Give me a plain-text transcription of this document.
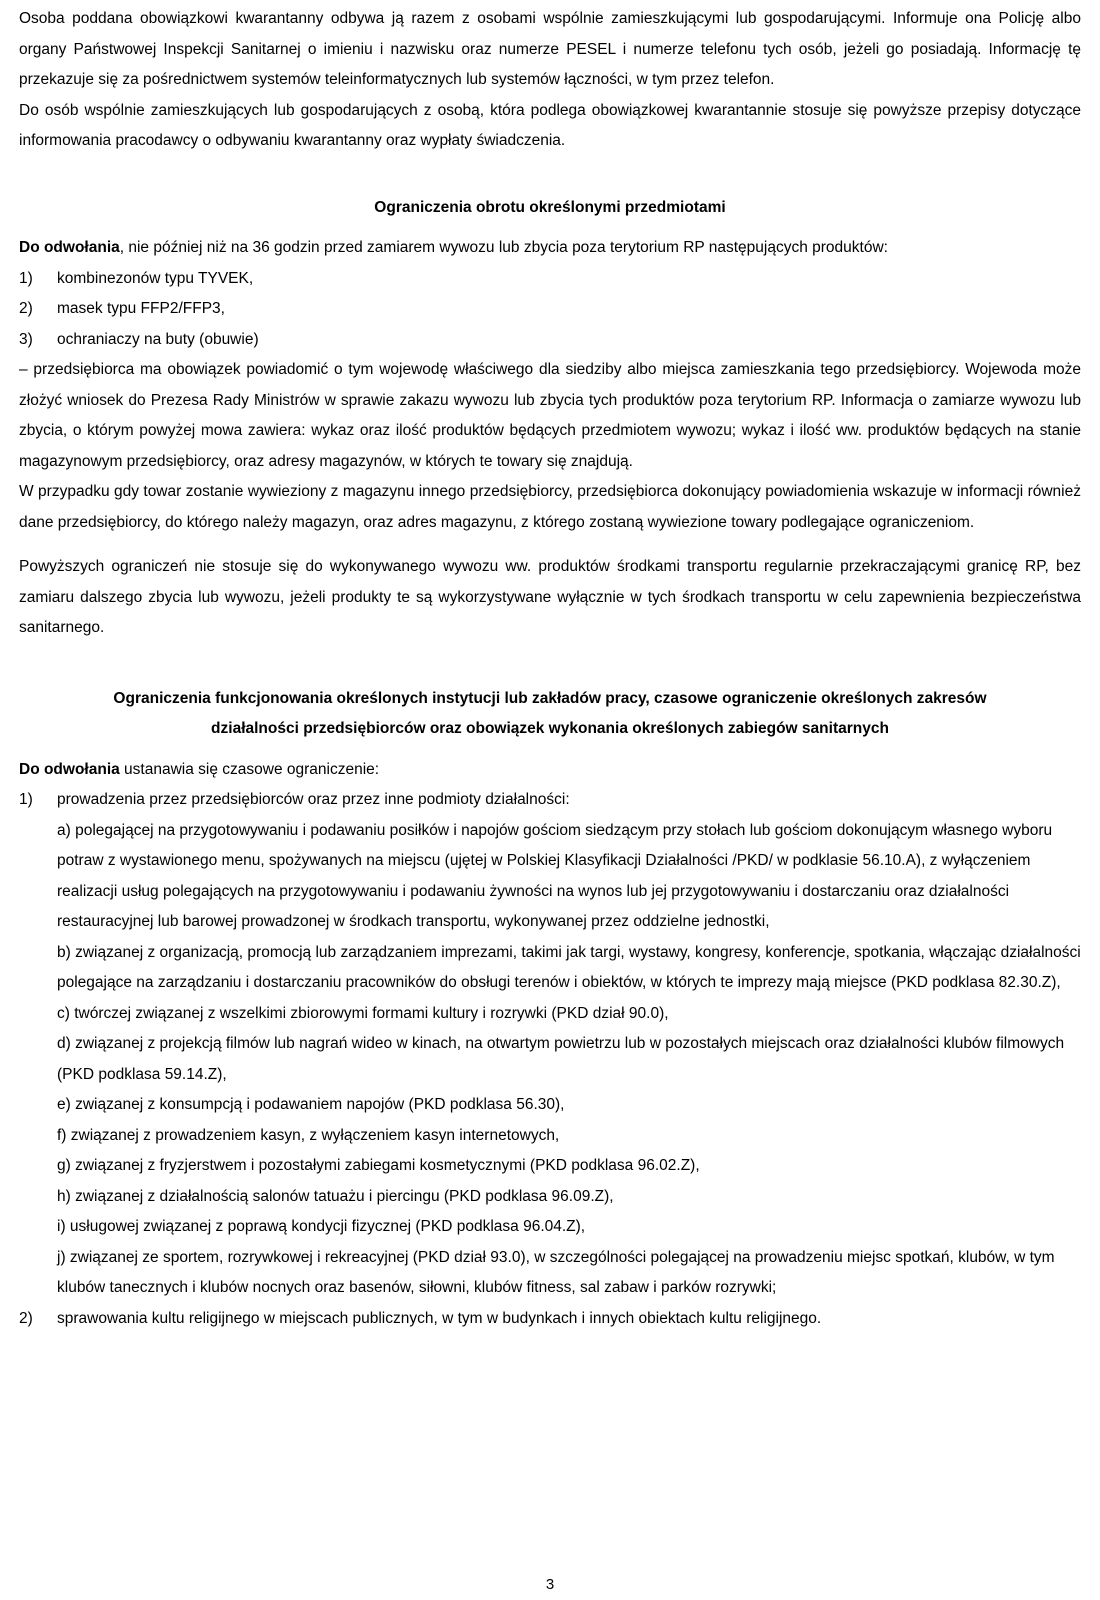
Osoba poddana obowiązkowi kwarantanny odbywa ją razem z osobami wspólnie zamieszkującymi lub gospodarującymi. Informuje ona Policję albo organy Państwowej Inspekcji Sanitarnej o imieniu i nazwisku oraz numerze PESEL i numerze telefonu tych osób, jeżeli go posiadają. Informację tę przekazuje się za pośrednictwem systemów teleinformatycznych lub systemów łączności, w tym przez telefon.

Do osób wspólnie zamieszkujących lub gospodarujących z osobą, która podlega obowiązkowej kwarantannie stosuje się powyższe przepisy dotyczące informowania pracodawcy o odbywaniu kwarantanny oraz wypłaty świadczenia.

Ograniczenia obrotu określonymi przedmiotami

Do odwołania, nie później niż na 36 godzin przed zamiarem wywozu lub zbycia poza terytorium RP następujących produktów:

1)	kombinezonów typu TYVEK,
2)	masek typu FFP2/FFP3,
3)	ochraniaczy na buty (obuwie)

– przedsiębiorca ma obowiązek powiadomić o tym wojewodę właściwego dla siedziby albo miejsca zamieszkania tego przedsiębiorcy. Wojewoda może złożyć wniosek do Prezesa Rady Ministrów w sprawie zakazu wywozu lub zbycia tych produktów poza terytorium RP. Informacja o zamiarze wywozu lub zbycia, o którym powyżej mowa zawiera: wykaz oraz ilość produktów będących przedmiotem wywozu; wykaz i ilość ww. produktów będących na stanie magazynowym przedsiębiorcy, oraz adresy magazynów, w których te towary się znajdują.

W przypadku gdy towar zostanie wywieziony z magazynu innego przedsiębiorcy, przedsiębiorca dokonujący powiadomienia wskazuje w informacji również dane przedsiębiorcy, do którego należy magazyn, oraz adres magazynu, z którego zostaną wywiezione towary podlegające ograniczeniom.

Powyższych ograniczeń nie stosuje się do wykonywanego wywozu ww. produktów środkami transportu regularnie przekraczającymi granicę RP, bez zamiaru dalszego zbycia lub wywozu, jeżeli produkty te są wykorzystywane wyłącznie w tych środkach transportu w celu zapewnienia bezpieczeństwa sanitarnego.

Ograniczenia funkcjonowania określonych instytucji lub zakładów pracy, czasowe ograniczenie określonych zakresów
działalności przedsiębiorców oraz obowiązek wykonania określonych zabiegów sanitarnych

Do odwołania ustanawia się czasowe ograniczenie:

1)	prowadzenia przez przedsiębiorców oraz przez inne podmioty działalności:
a) polegającej na przygotowywaniu i podawaniu posiłków i napojów gościom siedzącym przy stołach lub gościom dokonującym własnego wyboru potraw z wystawionego menu, spożywanych na miejscu (ujętej w Polskiej Klasyfikacji Działalności /PKD/ w podklasie 56.10.A), z wyłączeniem realizacji usług polegających na przygotowywaniu i podawaniu żywności na wynos lub jej przygotowywaniu i dostarczaniu oraz działalności restauracyjnej lub barowej prowadzonej w środkach transportu, wykonywanej przez oddzielne jednostki,
b) związanej z organizacją, promocją lub zarządzaniem imprezami, takimi jak targi, wystawy, kongresy, konferencje, spotkania, włączając działalności polegające na zarządzaniu i dostarczaniu pracowników do obsługi terenów i obiektów, w których te imprezy mają miejsce (PKD podklasa 82.30.Z),
c) twórczej związanej z wszelkimi zbiorowymi formami kultury i rozrywki (PKD dział 90.0),
d) związanej z projekcją filmów lub nagrań wideo w kinach, na otwartym powietrzu lub w pozostałych miejscach oraz działalności klubów filmowych (PKD podklasa 59.14.Z),
e) związanej z konsumpcją i podawaniem napojów (PKD podklasa 56.30),
f) związanej z prowadzeniem kasyn, z wyłączeniem kasyn internetowych,
g) związanej z fryzjerstwem i pozostałymi zabiegami kosmetycznymi (PKD podklasa 96.02.Z),
h) związanej z działalnością salonów tatuażu i piercingu (PKD podklasa 96.09.Z),
i) usługowej związanej z poprawą kondycji fizycznej (PKD podklasa 96.04.Z),
j) związanej ze sportem, rozrywkowej i rekreacyjnej (PKD dział 93.0), w szczególności polegającej na prowadzeniu miejsc spotkań, klubów, w tym klubów tanecznych i klubów nocnych oraz basenów, siłowni, klubów fitness, sal zabaw i parków rozrywki;
2)	sprawowania kultu religijnego w miejscach publicznych, w tym w budynkach i innych obiektach kultu religijnego.
3
